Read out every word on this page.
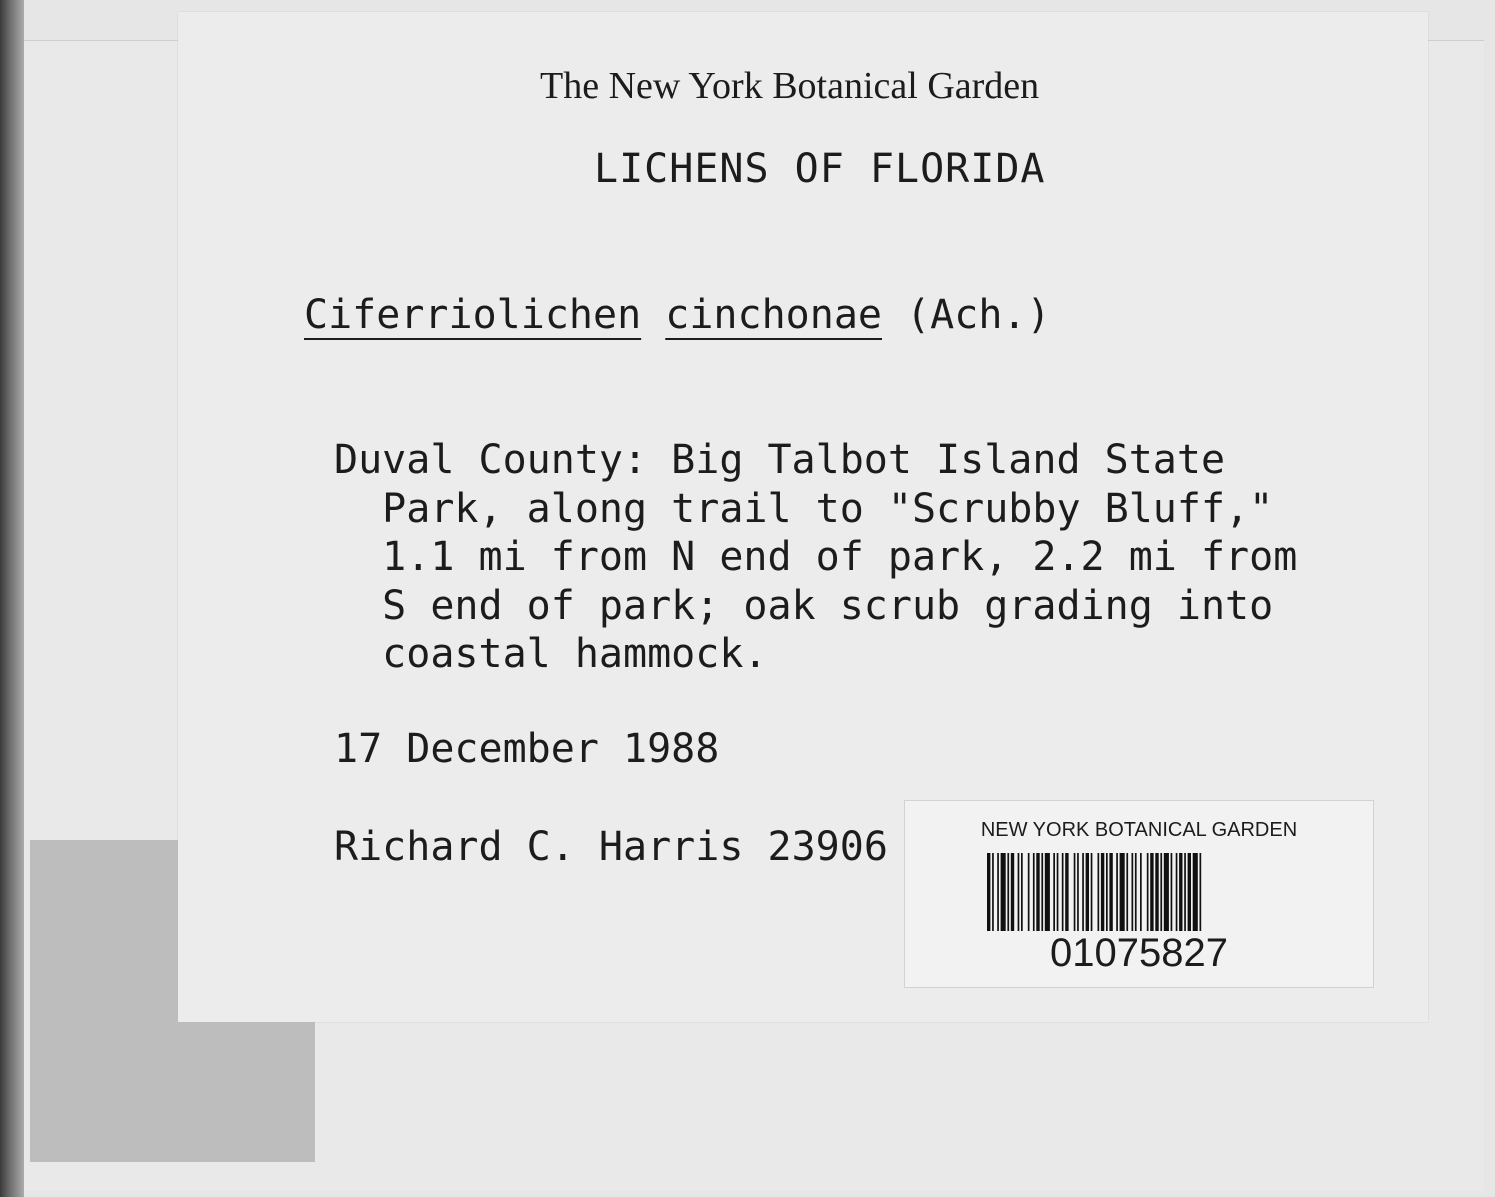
The New York Botanical Garden
LICHENS OF FLORIDA
Ciferriolichen cinchonae (Ach.)
Duval County: Big Talbot Island State
Park, along trail to "Scrubby Bluff,"
1.1 mi from N end of park, 2.2 mi from
S end of park; oak scrub grading into
coastal hammock.
17 December 1988
Richard C. Harris 23906	NEW YORK BOTANICAL GARDEN
01075827
